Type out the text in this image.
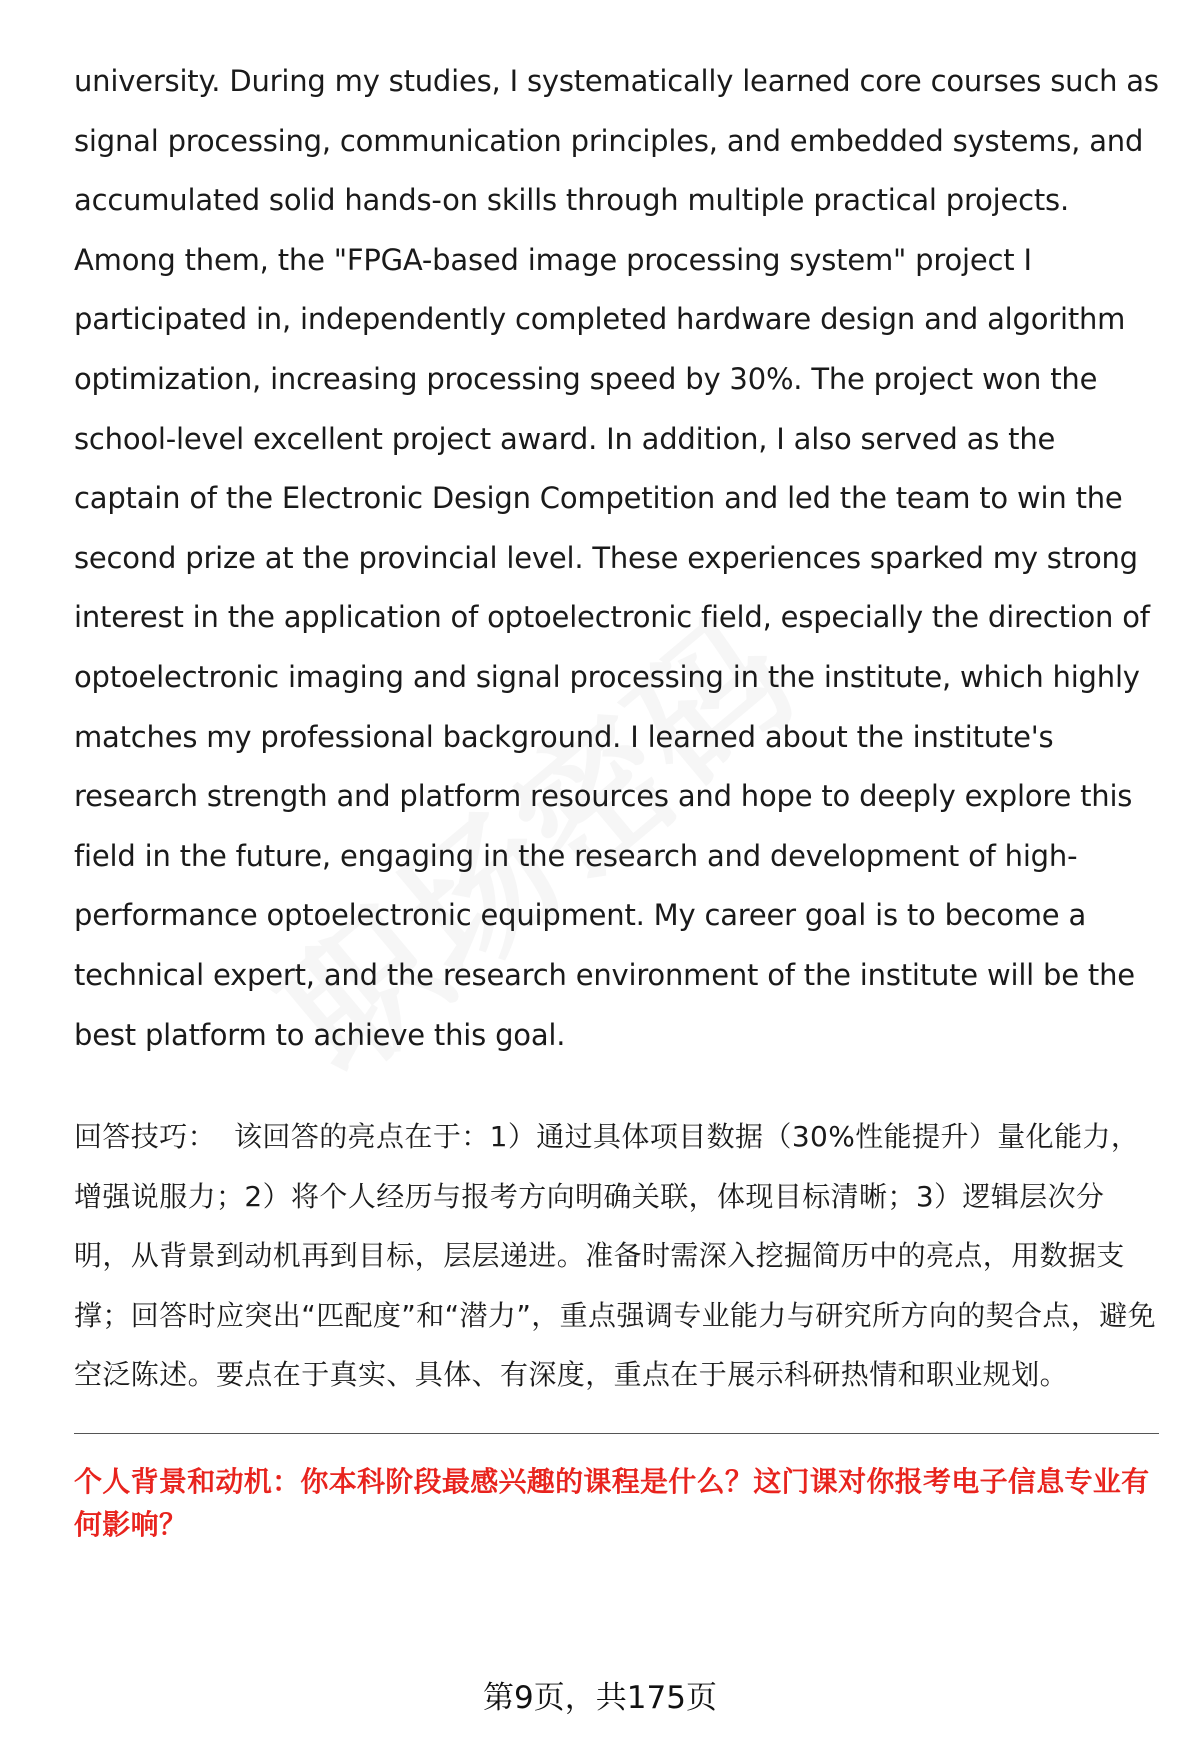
university. During my studies, I systematically learned core courses such as signal processing, communication principles, and embedded systems, and accumulated solid hands-on skills through multiple practical projects. Among them, the "FPGA-based image processing system" project I participated in, independently completed hardware design and algorithm optimization, increasing processing speed by 30%. The project won the school-level excellent project award. In addition, I also served as the captain of the Electronic Design Competition and led the team to win the second prize at the provincial level. These experiences sparked my strong interest in the application of optoelectronic field, especially the direction of optoelectronic imaging and signal processing in the institute, which highly matches my professional background. I learned about the institute's research strength and platform resources and hope to deeply explore this field in the future, engaging in the research and development of high-performance optoelectronic equipment. My career goal is to become a technical expert, and the research environment of the institute will be the best platform to achieve this goal.

回答技巧： 该回答的亮点在于：1）通过具体项目数据（30%性能提升）量化能力，增强说服力；2）将个人经历与报考方向明确关联，体现目标清晰；3）逻辑层次分明，从背景到动机再到目标，层层递进。准备时需深入挖掘简历中的亮点，用数据支撑；回答时应突出“匹配度”和“潜力”，重点强调专业能力与研究所方向的契合点，避免空泛陈述。要点在于真实、具体、有深度，重点在于展示科研热情和职业规划。

个人背景和动机：你本科阶段最感兴趣的课程是什么？这门课对你报考电子信息专业有何影响？

第9页，共175页
